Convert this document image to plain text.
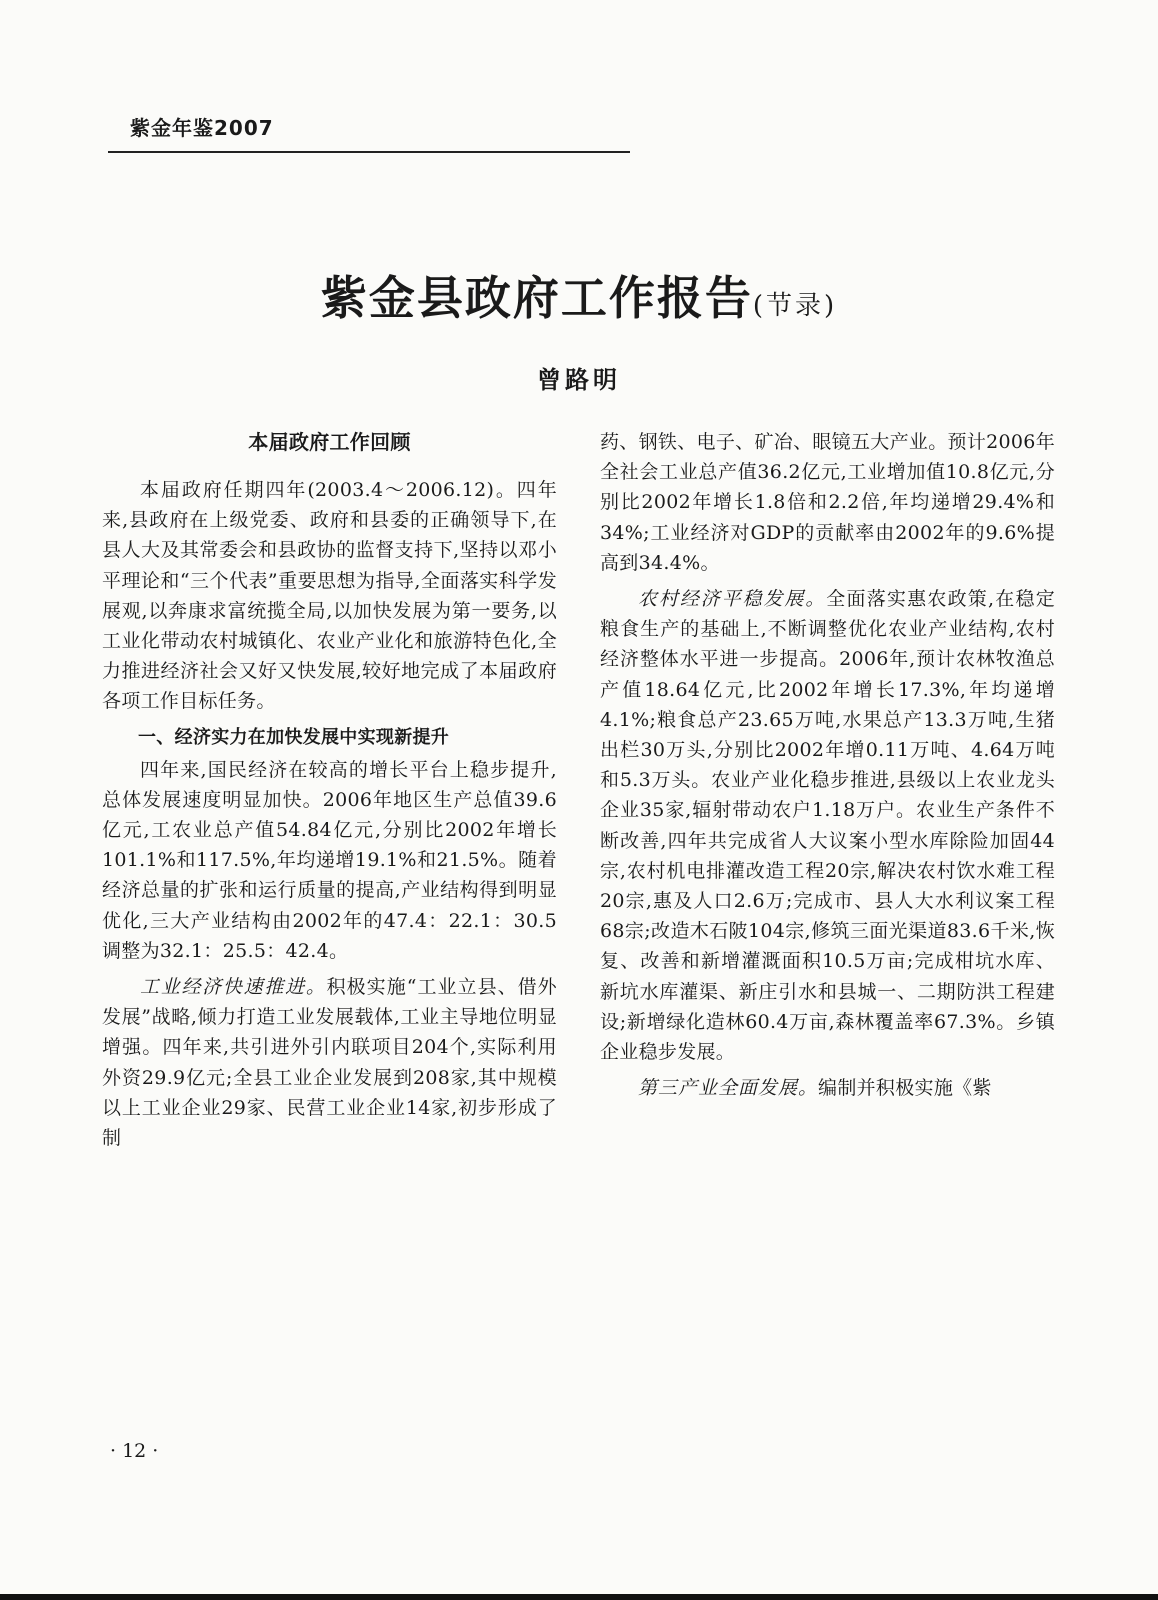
紫金年鉴2007
紫金县政府工作报告(节录)
曾路明
本届政府工作回顾

本届政府任期四年(2003.4～2006.12)。四年来,县政府在上级党委、政府和县委的正确领导下,在县人大及其常委会和县政协的监督支持下,坚持以邓小平理论和“三个代表”重要思想为指导,全面落实科学发展观,以奔康求富统揽全局,以加快发展为第一要务,以工业化带动农村城镇化、农业产业化和旅游特色化,全力推进经济社会又好又快发展,较好地完成了本届政府各项工作目标任务。

一、经济实力在加快发展中实现新提升

四年来,国民经济在较高的增长平台上稳步提升,总体发展速度明显加快。2006年地区生产总值39.6亿元,工农业总产值54.84亿元,分别比2002年增长101.1%和117.5%,年均递增19.1%和21.5%。随着经济总量的扩张和运行质量的提高,产业结构得到明显优化,三大产业结构由2002年的47.4：22.1：30.5调整为32.1：25.5：42.4。

工业经济快速推进。积极实施“工业立县、借外发展”战略,倾力打造工业发展载体,工业主导地位明显增强。四年来,共引进外引内联项目204个,实际利用外资29.9亿元;全县工业企业发展到208家,其中规模以上工业企业29家、民营工业企业14家,初步形成了制

药、钢铁、电子、矿冶、眼镜五大产业。预计2006年全社会工业总产值36.2亿元,工业增加值10.8亿元,分别比2002年增长1.8倍和2.2倍,年均递增29.4%和34%;工业经济对GDP的贡献率由2002年的9.6%提高到34.4%。

农村经济平稳发展。全面落实惠农政策,在稳定粮食生产的基础上,不断调整优化农业产业结构,农村经济整体水平进一步提高。2006年,预计农林牧渔总产值18.64亿元,比2002年增长17.3%,年均递增4.1%;粮食总产23.65万吨,水果总产13.3万吨,生猪出栏30万头,分别比2002年增0.11万吨、4.64万吨和5.3万头。农业产业化稳步推进,县级以上农业龙头企业35家,辐射带动农户1.18万户。农业生产条件不断改善,四年共完成省人大议案小型水库除险加固44宗,农村机电排灌改造工程20宗,解决农村饮水难工程20宗,惠及人口2.6万;完成市、县人大水利议案工程68宗;改造木石陂104宗,修筑三面光渠道83.6千米,恢复、改善和新增灌溉面积10.5万亩;完成柑坑水库、新坑水库灌渠、新庄引水和县城一、二期防洪工程建设;新增绿化造林60.4万亩,森林覆盖率67.3%。乡镇企业稳步发展。

第三产业全面发展。编制并积极实施《紫

· 12 ·
